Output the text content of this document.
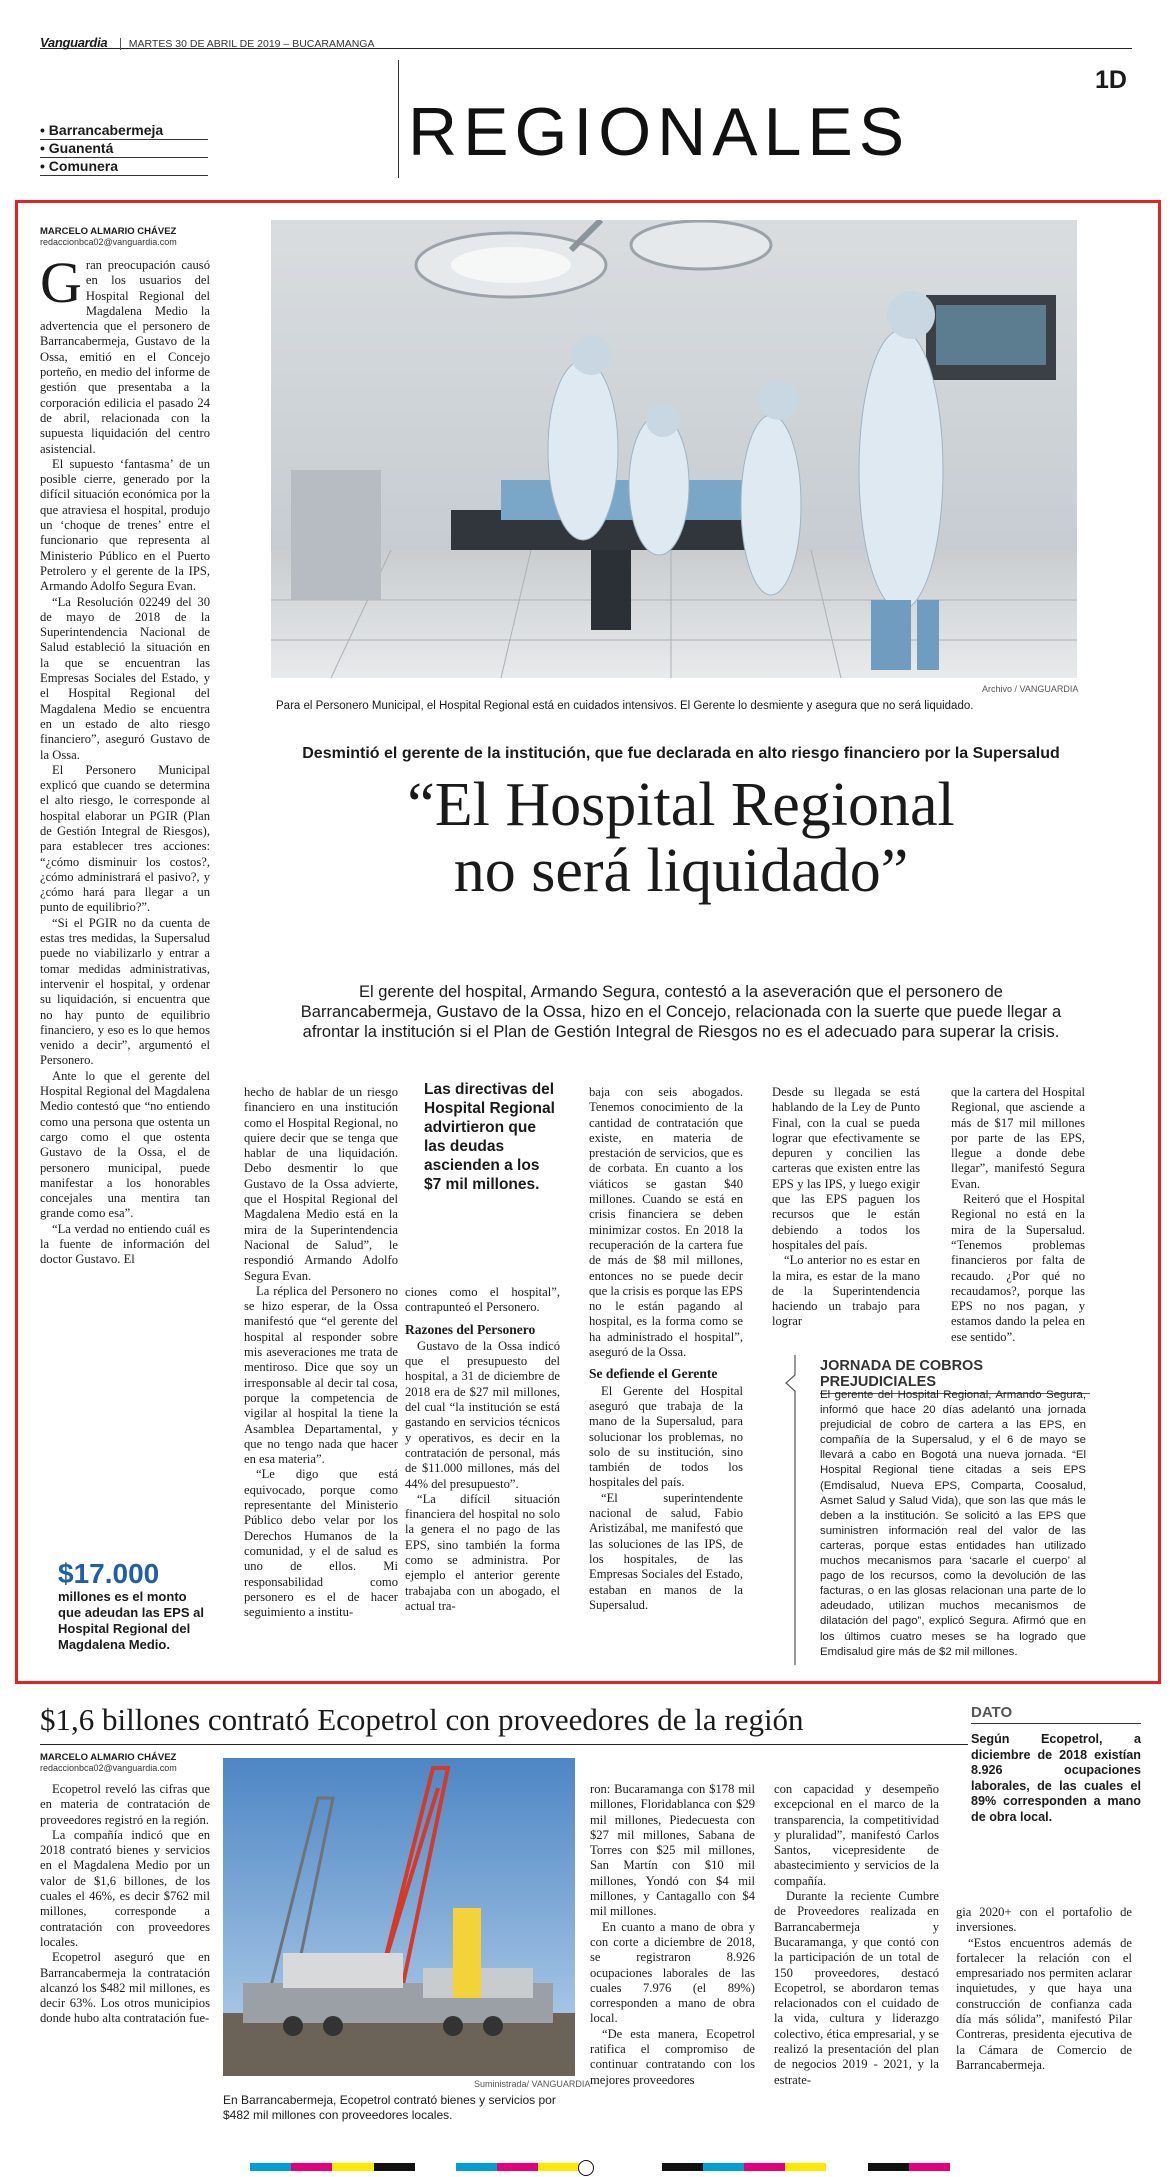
Vanguardia MARTES 30 DE ABRIL DE 2019 – BUCARAMANGA
1D
• Barrancabermeja
• Guanentá
• Comunera	REGIONALES
MARCELO ALMARIO CHÁVEZ
redaccionbca02@vanguardia.com

Gran preocupación causó en los usuarios del Hospital Regional del Magdalena Medio la advertencia que el personero de Barrancabermeja, Gustavo de la Ossa, emitió en el Concejo porteño, en medio del informe de gestión que presentaba a la corporación edilicia el pasado 24 de abril, relacionada con la supuesta liquidación del centro asistencial.

El supuesto ‘fantasma’ de un posible cierre, generado por la difícil situación económica por la que atraviesa el hospital, produjo un ‘choque de trenes’ entre el funcionario que representa al Ministerio Público en el Puerto Petrolero y el gerente de la IPS, Armando Adolfo Segura Evan.

“La Resolución 02249 del 30 de mayo de 2018 de la Superintendencia Nacional de Salud estableció la situación en la que se encuentran las Empresas Sociales del Estado, y el Hospital Regional del Magdalena Medio se encuentra en un estado de alto riesgo financiero”, aseguró Gustavo de la Ossa.

El Personero Municipal explicó que cuando se determina el alto riesgo, le corresponde al hospital elaborar un PGIR (Plan de Gestión Integral de Riesgos), para establecer tres acciones: “¿cómo disminuir los costos?, ¿cómo administrará el pasivo?, y ¿cómo hará para llegar a un punto de equilibrio?”.

“Si el PGIR no da cuenta de estas tres medidas, la Supersalud puede no viabilizarlo y entrar a tomar medidas administrativas, intervenir el hospital, y ordenar su liquidación, si encuentra que no hay punto de equilibrio financiero, y eso es lo que hemos venido a decir”, argumentó el Personero.

Ante lo que el gerente del Hospital Regional del Magdalena Medio contestó que “no entiendo como una persona que ostenta un cargo como el que ostenta Gustavo de la Ossa, el de personero municipal, puede manifestar a los honorables concejales una mentira tan grande como esa”.

“La verdad no entiendo cuál es la fuente de información del doctor Gustavo. El

$17.000
millones es el monto que adeudan las EPS al Hospital Regional del Magdalena Medio.
Archivo / VANGUARDIA
Para el Personero Municipal, el Hospital Regional está en cuidados intensivos. El Gerente lo desmiente y asegura que no será liquidado.
Desmintió el gerente de la institución, que fue declarada en alto riesgo financiero por la Supersalud
“El Hospital Regional
no será liquidado”
El gerente del hospital, Armando Segura, contestó a la aseveración que el personero de
Barrancabermeja, Gustavo de la Ossa, hizo en el Concejo, relacionada con la suerte que puede llegar a
afrontar la institución si el Plan de Gestión Integral de Riesgos no es el adecuado para superar la crisis.

hecho de hablar de un riesgo financiero en una institución como el Hospital Regional, no quiere decir que se tenga que hablar de una liquidación. Debo desmentir lo que Gustavo de la Ossa advierte, que el Hospital Regional del Magdalena Medio está en la mira de la Superintendencia Nacional de Salud”, le respondió Armando Adolfo Segura Evan.

La réplica del Personero no se hizo esperar, de la Ossa manifestó que “el gerente del hospital al responder sobre mis aseveraciones me trata de mentiroso. Dice que soy un irresponsable al decir tal cosa, porque la competencia de vigilar al hospital la tiene la Asamblea Departamental, y que no tengo nada que hacer en esa materia”.

“Le digo que está equivocado, porque como representante del Ministerio Público debo velar por los Derechos Humanos de la comunidad, y el de salud es uno de ellos. Mi responsabilidad como personero es el de hacer seguimiento a institu-

Las directivas del Hospital Regional advirtieron que las deudas ascienden a los $7 mil millones.

ciones como el hospital”, contrapunteó el Personero.

Razones del Personero

Gustavo de la Ossa indicó que el presupuesto del hospital, a 31 de diciembre de 2018 era de $27 mil millones, del cual “la institución se está gastando en servicios técnicos y operativos, es decir en la contratación de personal, más de $11.000 millones, más del 44% del presupuesto”.

“La difícil situación financiera del hospital no solo la genera el no pago de las EPS, sino también la forma como se administra. Por ejemplo el anterior gerente trabajaba con un abogado, el actual tra-

baja con seis abogados. Tenemos conocimiento de la cantidad de contratación que existe, en materia de prestación de servicios, que es de corbata. En cuanto a los viáticos se gastan $40 millones. Cuando se está en crisis financiera se deben minimizar costos. En 2018 la recuperación de la cartera fue de más de $8 mil millones, entonces no se puede decir que la crisis es porque las EPS no le están pagando al hospital, es la forma como se ha administrado el hospital”, aseguró de la Ossa.

Se defiende el Gerente

El Gerente del Hospital aseguró que trabaja de la mano de la Supersalud, para solucionar los problemas, no solo de su institución, sino también de todos los hospitales del país.

“El superintendente nacional de salud, Fabio Aristizábal, me manifestó que las soluciones de las IPS, de los hospitales, de las Empresas Sociales del Estado, estaban en manos de la Supersalud.

Desde su llegada se está hablando de la Ley de Punto Final, con la cual se pueda lograr que efectivamente se depuren y concilien las carteras que existen entre las EPS y las IPS, y luego exigir que las EPS paguen los recursos que le están debiendo a todos los hospitales del país.

“Lo anterior no es estar en la mira, es estar de la mano de la Superintendencia haciendo un trabajo para lograr

que la cartera del Hospital Regional, que asciende a más de $17 mil millones por parte de las EPS, llegue a donde debe llegar”, manifestó Segura Evan.

Reiteró que el Hospital Regional no está en la mira de la Supersalud. “Tenemos problemas financieros por falta de recaudo. ¿Por qué no recaudamos?, porque las EPS no nos pagan, y estamos dando la pelea en ese sentido”.

JORNADA DE COBROS PREJUDICIALES
El gerente del Hospital Regional, Armando Segura, informó que hace 20 días adelantó una jornada prejudicial de cobro de cartera a las EPS, en compañía de la Supersalud, y el 6 de mayo se llevará a cabo en Bogotá una nueva jornada. “El Hospital Regional tiene citadas a seis EPS (Emdisalud, Nueva EPS, Comparta, Coosalud, Asmet Salud y Salud Vida), que son las que más le deben a la institución. Se solicitó a las EPS que suministren información real del valor de las carteras, porque estas entidades han utilizado muchos mecanismos para ‘sacarle el cuerpo’ al pago de los recursos, como la devolución de las facturas, o en las glosas relacionan una parte de lo adeudado, utilizan muchos mecanismos de dilatación del pago”, explicó Segura. Afirmó que en los últimos cuatro meses se ha logrado que Emdisalud gire más de $2 mil millones.
$1,6 billones contrató Ecopetrol con proveedores de la región
MARCELO ALMARIO CHÁVEZ
redaccionbca02@vanguardia.com

Ecopetrol reveló las cifras que en materia de contratación de proveedores registró en la región.

La compañía indicó que en 2018 contrató bienes y servicios en el Magdalena Medio por un valor de $1,6 billones, de los cuales el 46%, es decir $762 mil millones, corresponde a contratación con proveedores locales.

Ecopetrol aseguró que en Barrancabermeja la contratación alcanzó los $482 mil millones, es decir 63%. Los otros municipios donde hubo alta contratación fue-

Suministrada/ VANGUARDIA
En Barrancabermeja, Ecopetrol contrató bienes y servicios por $482 mil millones con proveedores locales.

ron: Bucaramanga con $178 mil millones, Floridablanca con $29 mil millones, Piedecuesta con $27 mil millones, Sabana de Torres con $25 mil millones, San Martín con $10 mil millones, Yondó con $4 mil millones, y Cantagallo con $4 mil millones.

En cuanto a mano de obra y con corte a diciembre de 2018, se registraron 8.926 ocupaciones laborales de las cuales 7.976 (el 89%) corresponden a mano de obra local.

“De esta manera, Ecopetrol ratifica el compromiso de continuar contratando con los mejores proveedores

con capacidad y desempeño excepcional en el marco de la transparencia, la competitividad y pluralidad”, manifestó Carlos Santos, vicepresidente de abastecimiento y servicios de la compañía.

Durante la reciente Cumbre de Proveedores realizada en Barrancabermeja y Bucaramanga, y que contó con la participación de un total de 150 proveedores, destacó Ecopetrol, se abordaron temas relacionados con el cuidado de la vida, cultura y liderazgo colectivo, ética empresarial, y se realizó la presentación del plan de negocios 2019 - 2021, y la estrate-

DATO
Según Ecopetrol, a diciembre de 2018 existían 8.926 ocupaciones laborales, de las cuales el 89% corresponden a mano de obra local.

gia 2020+ con el portafolio de inversiones.

“Estos encuentros además de fortalecer la relación con el empresariado nos permiten aclarar inquietudes, y que haya una construcción de confianza cada día más sólida”, manifestó Pilar Contreras, presidenta ejecutiva de la Cámara de Comercio de Barrancabermeja.
